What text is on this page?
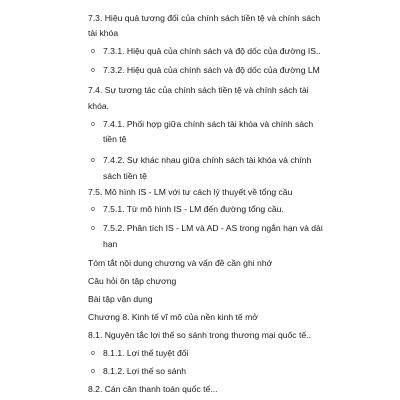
7.3. Hiệu quả tương đối của chính sách tiền tệ và chính sách
tài khóa
o 7.3.1. Hiệu quả của chính sách và độ dốc của đường IS..
o 7.3.2. Hiệu quả của chính sách và độ dốc của đường LM
7.4. Sự tương tác của chính sách tiền tệ và chính sách tài
khóa.
o 7.4.1. Phối hợp giữa chính sách tài khóa và chính sách
tiền tệ
o 7.4.2. Sự khác nhau giữa chính sách tài khóa và chính
sách tiền tệ
7.5. Mô hình IS - LM với tư cách lý thuyết về tổng cầu
o 7.5.1. Từ mô hình IS - LM đến đường tổng cầu.
o 7.5.2. Phân tích IS - LM và AD - AS trong ngắn hạn và dài
hạn
Tóm tắt nội dung chương và vấn đề cần ghi nhớ
Câu hỏi ôn tập chương
Bài tập vận dụng
Chương 8. Kinh tế vĩ mô của nền kinh tế mở
8.1. Nguyên tắc lợi thế so sánh trong thương mại quốc tế..
o 8.1.1. Lợi thế tuyệt đối
o 8.1.2. Lợi thế so sánh
8.2. Cán cân thanh toán quốc tế...
